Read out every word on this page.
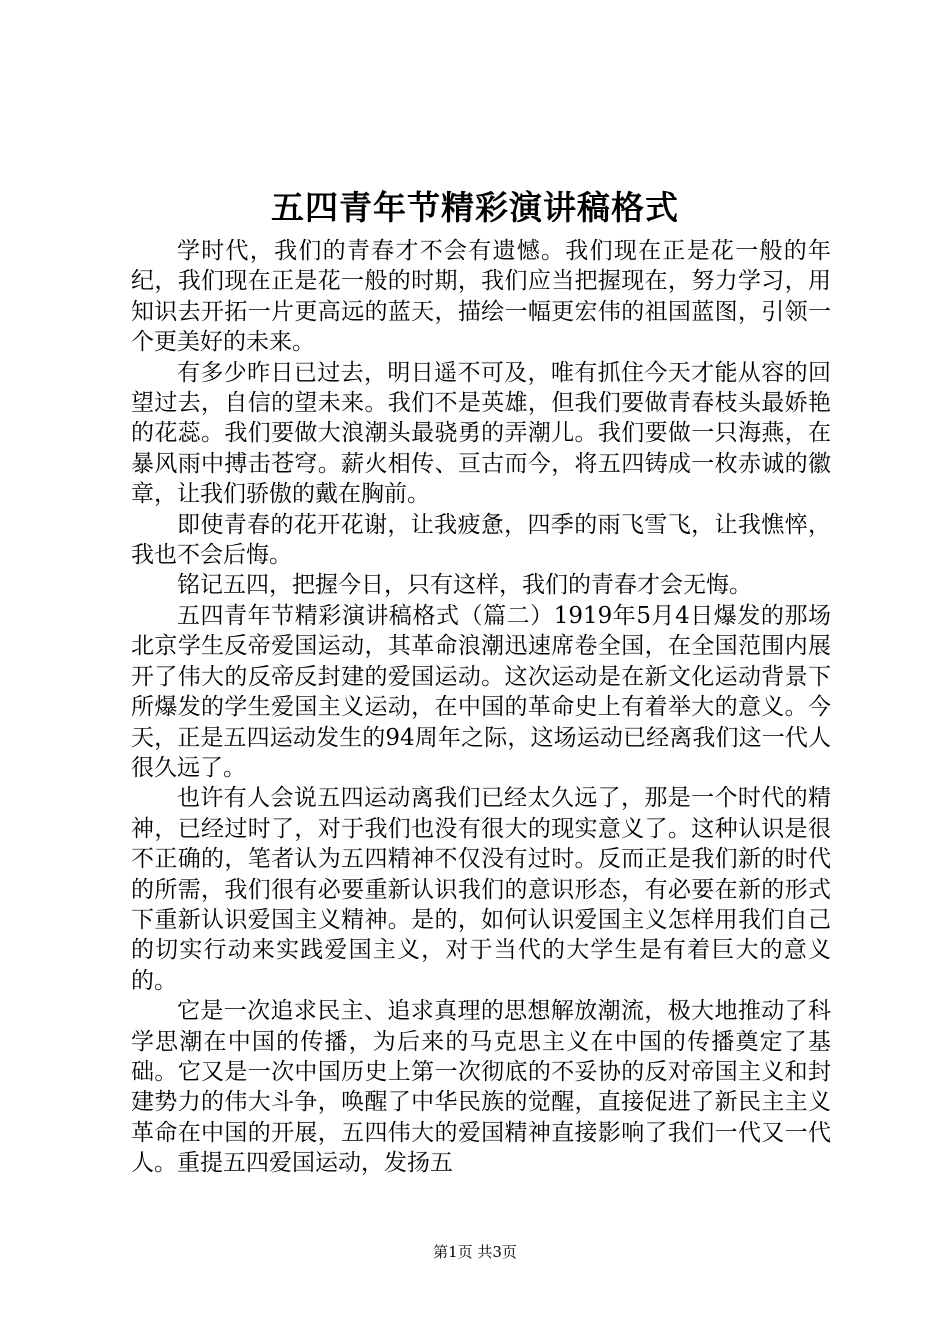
五四青年节精彩演讲稿格式

学时代，我们的青春才不会有遗憾。我们现在正是花一般的年纪，我们现在正是花一般的时期，我们应当把握现在，努力学习，用知识去开拓一片更高远的蓝天，描绘一幅更宏伟的祖国蓝图，引领一个更美好的未来。

有多少昨日已过去，明日遥不可及，唯有抓住今天才能从容的回望过去，自信的望未来。我们不是英雄，但我们要做青春枝头最娇艳的花蕊。我们要做大浪潮头最骁勇的弄潮儿。我们要做一只海燕，在暴风雨中搏击苍穹。薪火相传、亘古而今，将五四铸成一枚赤诚的徽章，让我们骄傲的戴在胸前。

即使青春的花开花谢，让我疲惫，四季的雨飞雪飞，让我憔悴，我也不会后悔。

铭记五四，把握今日，只有这样，我们的青春才会无悔。

五四青年节精彩演讲稿格式（篇二）1919年5月4日爆发的那场北京学生反帝爱国运动，其革命浪潮迅速席卷全国，在全国范围内展开了伟大的反帝反封建的爱国运动。这次运动是在新文化运动背景下所爆发的学生爱国主义运动，在中国的革命史上有着举大的意义。今天，正是五四运动发生的94周年之际，这场运动已经离我们这一代人很久远了。

也许有人会说五四运动离我们已经太久远了，那是一个时代的精神，已经过时了，对于我们也没有很大的现实意义了。这种认识是很不正确的，笔者认为五四精神不仅没有过时。反而正是我们新的时代的所需，我们很有必要重新认识我们的意识形态，有必要在新的形式下重新认识爱国主义精神。是的，如何认识爱国主义怎样用我们自己的切实行动来实践爱国主义，对于当代的大学生是有着巨大的意义的。

它是一次追求民主、追求真理的思想解放潮流，极大地推动了科学思潮在中国的传播，为后来的马克思主义在中国的传播奠定了基础。它又是一次中国历史上第一次彻底的不妥协的反对帝国主义和封建势力的伟大斗争，唤醒了中华民族的觉醒，直接促进了新民主主义革命在中国的开展，五四伟大的爱国精神直接影响了我们一代又一代人。重提五四爱国运动，发扬五

第1页 共3页
